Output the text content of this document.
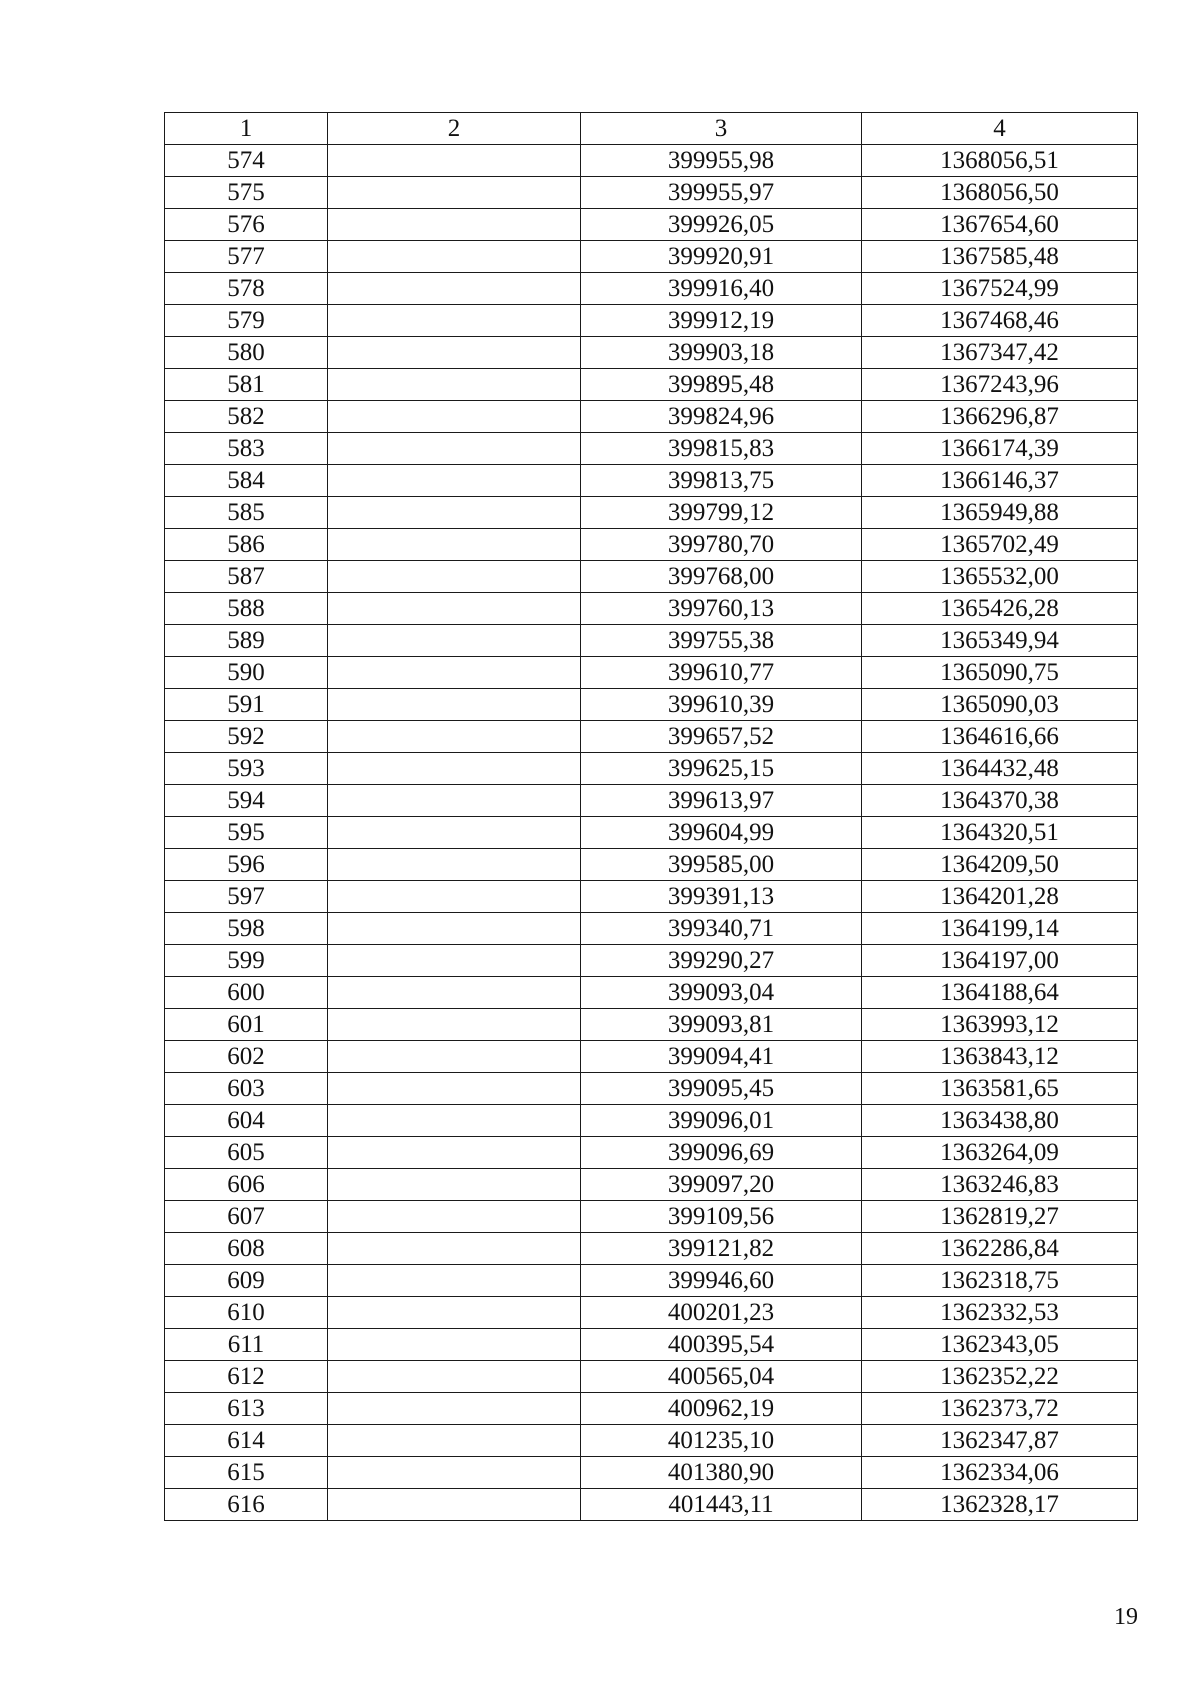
1	2	3	4
574		399955,98	1368056,51
575		399955,97	1368056,50
576		399926,05	1367654,60
577		399920,91	1367585,48
578		399916,40	1367524,99
579		399912,19	1367468,46
580		399903,18	1367347,42
581		399895,48	1367243,96
582		399824,96	1366296,87
583		399815,83	1366174,39
584		399813,75	1366146,37
585		399799,12	1365949,88
586		399780,70	1365702,49
587		399768,00	1365532,00
588		399760,13	1365426,28
589		399755,38	1365349,94
590		399610,77	1365090,75
591		399610,39	1365090,03
592		399657,52	1364616,66
593		399625,15	1364432,48
594		399613,97	1364370,38
595		399604,99	1364320,51
596		399585,00	1364209,50
597		399391,13	1364201,28
598		399340,71	1364199,14
599		399290,27	1364197,00
600		399093,04	1364188,64
601		399093,81	1363993,12
602		399094,41	1363843,12
603		399095,45	1363581,65
604		399096,01	1363438,80
605		399096,69	1363264,09
606		399097,20	1363246,83
607		399109,56	1362819,27
608		399121,82	1362286,84
609		399946,60	1362318,75
610		400201,23	1362332,53
611		400395,54	1362343,05
612		400565,04	1362352,22
613		400962,19	1362373,72
614		401235,10	1362347,87
615		401380,90	1362334,06
616		401443,11	1362328,17
19
